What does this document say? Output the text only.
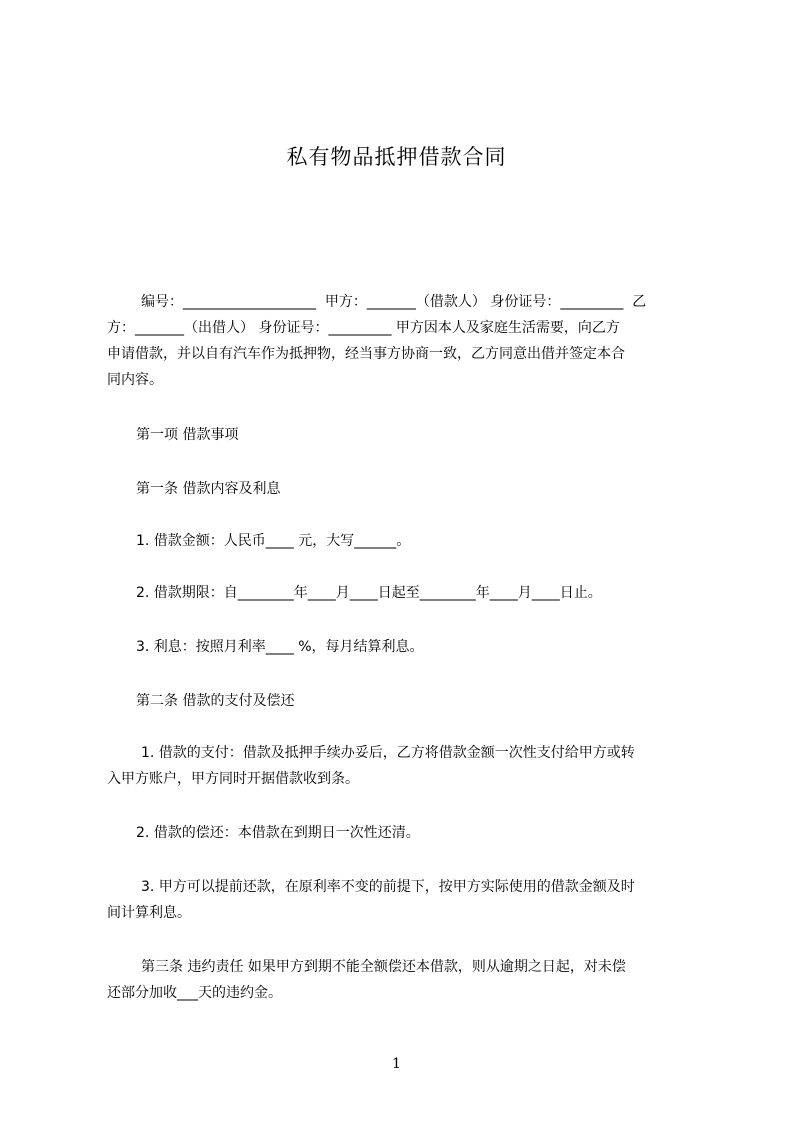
私有物品抵押借款合同
编号：___________________  甲方：_______（借款人） 身份证号：_________  乙
方：_______（出借人） 身份证号：_________ 甲方因本人及家庭生活需要，向乙方
申请借款，并以自有汽车作为抵押物，经当事方协商一致，乙方同意出借并签定本合
同内容。
第一项 借款事项
第一条 借款内容及利息
1. 借款金额：人民币____ 元，大写______。
2. 借款期限：自________年____月____日起至________年____月____日止。
3. 利息：按照月利率____ %，每月结算利息。
第二条 借款的支付及偿还
1. 借款的支付：借款及抵押手续办妥后，乙方将借款金额一次性支付给甲方或转
入甲方账户，甲方同时开据借款收到条。
2. 借款的偿还：本借款在到期日一次性还清。
3. 甲方可以提前还款，在原利率不变的前提下，按甲方实际使用的借款金额及时
间计算利息。
第三条 违约责任 如果甲方到期不能全额偿还本借款，则从逾期之日起，对未偿
还部分加收___天的违约金。
1
